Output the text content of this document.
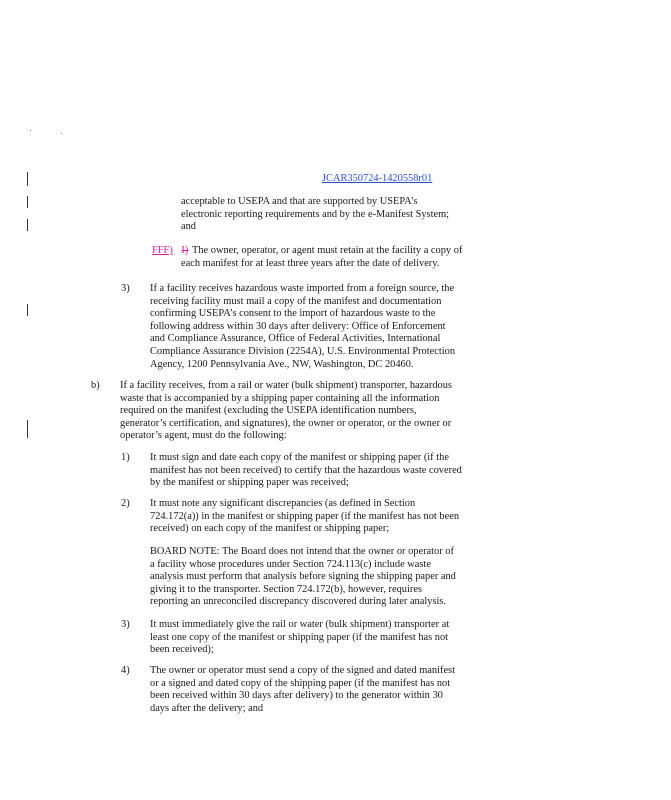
JCAR350724-1420558r01
acceptable to USEPA and that are supported by USEPA’s
electronic reporting requirements and by the e-Manifest System;
and
FFF) I) The owner, operator, or agent must retain at the facility a copy of
each manifest for at least three years after the date of delivery.
3) If a facility receives hazardous waste imported from a foreign source, the
receiving facility must mail a copy of the manifest and documentation
confirming USEPA’s consent to the import of hazardous waste to the
following address within 30 days after delivery: Office of Enforcement
and Compliance Assurance, Office of Federal Activities, International
Compliance Assurance Division (2254A), U.S. Environmental Protection
Agency, 1200 Pennsylvania Ave., NW, Washington, DC 20460.
b) If a facility receives, from a rail or water (bulk shipment) transporter, hazardous
waste that is accompanied by a shipping paper containing all the information
required on the manifest (excluding the USEPA identification numbers,
generator’s certification, and signatures), the owner or operator, or the owner or
operator’s agent, must do the following:
1) It must sign and date each copy of the manifest or shipping paper (if the
manifest has not been received) to certify that the hazardous waste covered
by the manifest or shipping paper was received;
2) It must note any significant discrepancies (as defined in Section
724.172(a)) in the manifest or shipping paper (if the manifest has not been
received) on each copy of the manifest or shipping paper;
BOARD NOTE: The Board does not intend that the owner or operator of
a facility whose procedures under Section 724.113(c) include waste
analysis must perform that analysis before signing the shipping paper and
giving it to the transporter. Section 724.172(b), however, requires
reporting an unreconciled discrepancy discovered during later analysis.
3) It must immediately give the rail or water (bulk shipment) transporter at
least one copy of the manifest or shipping paper (if the manifest has not
been received);
4) The owner or operator must send a copy of the signed and dated manifest
or a signed and dated copy of the shipping paper (if the manifest has not
been received within 30 days after delivery) to the generator within 30
days after the delivery; and
